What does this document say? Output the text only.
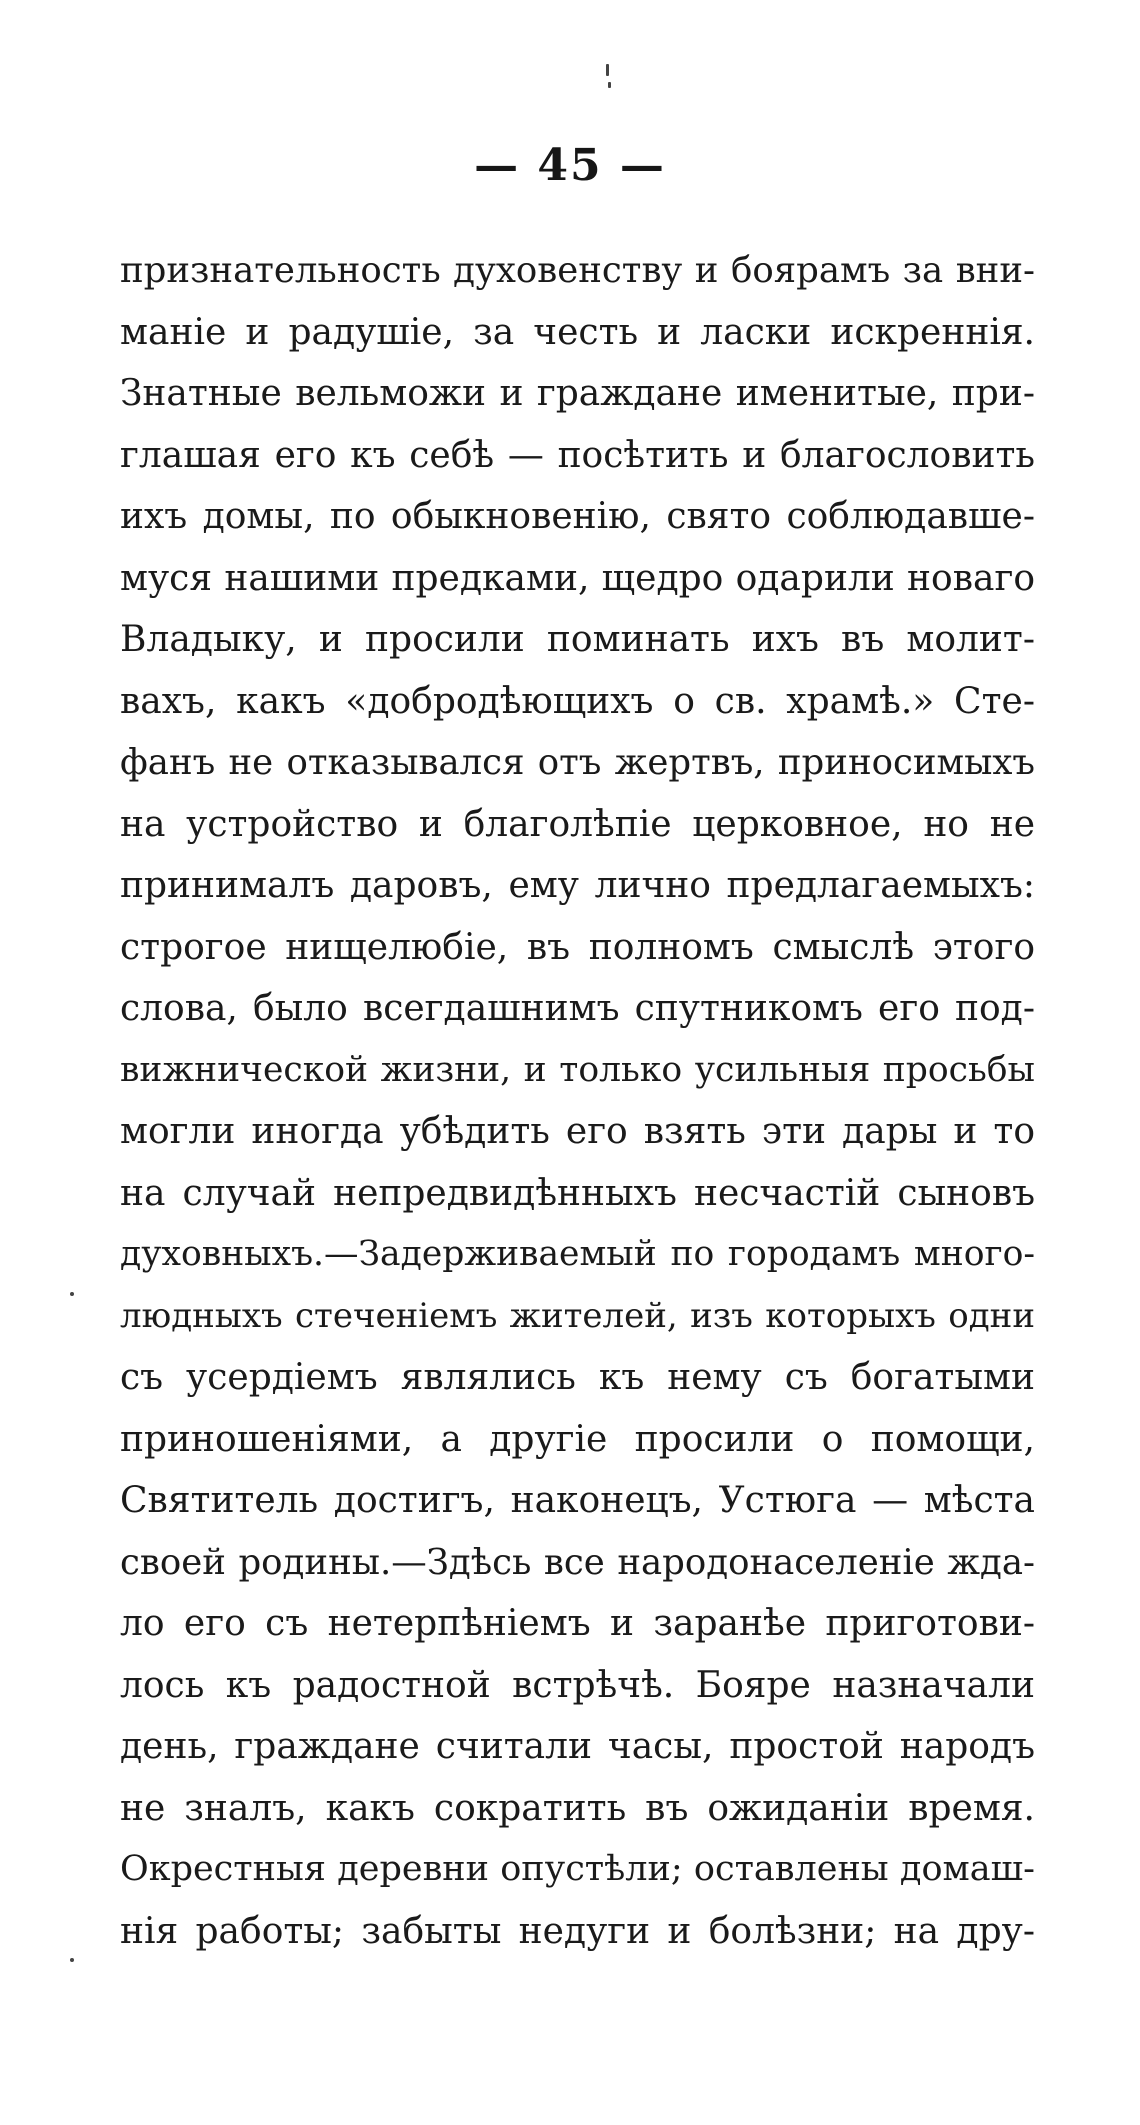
— 45 —
признательность духовенству и боярамъ за вни-
маніе и радушіе, за честь и ласки искреннія.
Знатные вельможи и граждане именитые, при-
глашая его къ себѣ — посѣтить и благословить
ихъ домы, по обыкновенію, свято соблюдавше-
муся нашими предками, щедро одарили новаго
Владыку, и просили поминать ихъ въ молит-
вахъ, какъ «добродѣющихъ о св. храмѣ.» Сте-
фанъ не отказывался отъ жертвъ, приносимыхъ
на устройство и благолѣпіе церковное, но не
принималъ даровъ, ему лично предлагаемыхъ:
строгое нищелюбіе, въ полномъ смыслѣ этого
слова, было всегдашнимъ спутникомъ его под-
вижнической жизни, и только усильныя просьбы
могли иногда убѣдить его взять эти дары и то
на случай непредвидѣнныхъ несчастій сыновъ
духовныхъ.—Задерживаемый по городамъ много-
людныхъ стеченіемъ жителей, изъ которыхъ одни
съ усердіемъ являлись къ нему съ богатыми
приношеніями, а другіе просили о помощи,
Святитель достигъ, наконецъ, Устюга — мѣста
своей родины.—Здѣсь все народонаселеніе жда-
ло его съ нетерпѣніемъ и заранѣе приготови-
лось къ радостной встрѣчѣ. Бояре назначали
день, граждане считали часы, простой народъ
не зналъ, какъ сократить въ ожиданіи время.
Окрестныя деревни опустѣли; оставлены домаш-
нія работы; забыты недуги и болѣзни; на дру-
